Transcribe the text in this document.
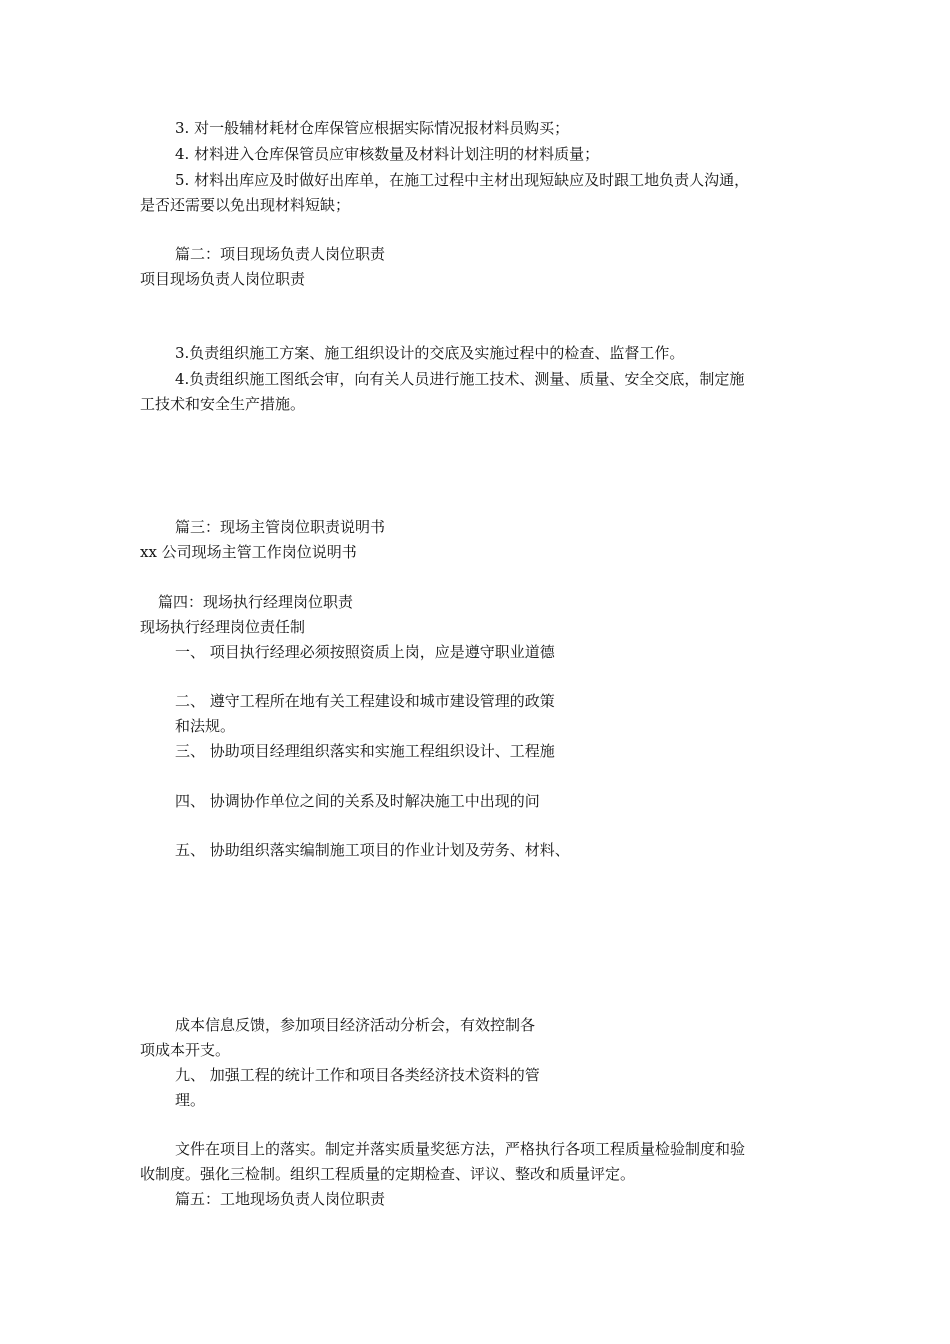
3. 对一般辅材耗材仓库保管应根据实际情况报材料员购买；
4. 材料进入仓库保管员应审核数量及材料计划注明的材料质量；
5. 材料出库应及时做好出库单，在施工过程中主材出现短缺应及时跟工地负责人沟通，
是否还需要以免出现材料短缺；
篇二：项目现场负责人岗位职责
项目现场负责人岗位职责
3.负责组织施工方案、施工组织设计的交底及实施过程中的检查、监督工作。
4.负责组织施工图纸会审，向有关人员进行施工技术、测量、质量、安全交底，制定施
工技术和安全生产措施。
篇三：现场主管岗位职责说明书
xx 公司现场主管工作岗位说明书
篇四：现场执行经理岗位职责
现场执行经理岗位责任制
一、 项目执行经理必须按照资质上岗，应是遵守职业道德
二、 遵守工程所在地有关工程建设和城市建设管理的政策
和法规。
三、 协助项目经理组织落实和实施工程组织设计、工程施
四、 协调协作单位之间的关系及时解决施工中出现的问
五、 协助组织落实编制施工项目的作业计划及劳务、材料、
成本信息反馈，参加项目经济活动分析会，有效控制各
项成本开支。
九、 加强工程的统计工作和项目各类经济技术资料的管
理。
文件在项目上的落实。制定并落实质量奖惩方法，严格执行各项工程质量检验制度和验
收制度。强化三检制。组织工程质量的定期检查、评议、整改和质量评定。
篇五：工地现场负责人岗位职责
